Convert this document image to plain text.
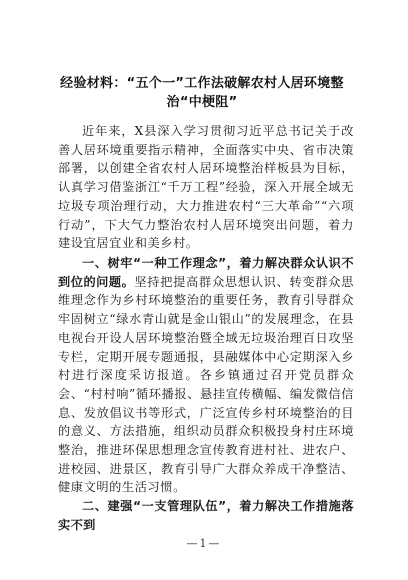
经验材料：“五个一”工作法破解农村人居环境整治“中梗阻”

近年来，X县深入学习贯彻习近平总书记关于改善人居环境重要指示精神，全面落实中央、省市决策部署，以创建全省农村人居环境整治样板县为目标，认真学习借鉴浙江“千万工程”经验，深入开展全域无垃圾专项治理行动，大力推进农村“三大革命”“六项行动”，下大气力整治农村人居环境突出问题，着力建设宜居宜业和美乡村。

一、树牢“一种工作理念”，着力解决群众认识不到位的问题。坚持把提高群众思想认识、转变群众思维理念作为乡村环境整治的重要任务，教育引导群众牢固树立“绿水青山就是金山银山”的发展理念，在县电视台开设人居环境整治暨全域无垃圾治理百日攻坚专栏，定期开展专题通报，县融媒体中心定期深入乡村进行深度采访报道。各乡镇通过召开党员群众会、“村村响”循环播报、悬挂宣传横幅、编发微信信息、发放倡议书等形式，广泛宣传乡村环境整治的目的意义、方法措施，组织动员群众积极投身村庄环境整治，推进环保思想理念宣传教育进村社、进农户、进校园、进景区，教育引导广大群众养成干净整洁、健康文明的生活习惯。

二、建强“一支管理队伍”，着力解决工作措施落实不到

—1—
